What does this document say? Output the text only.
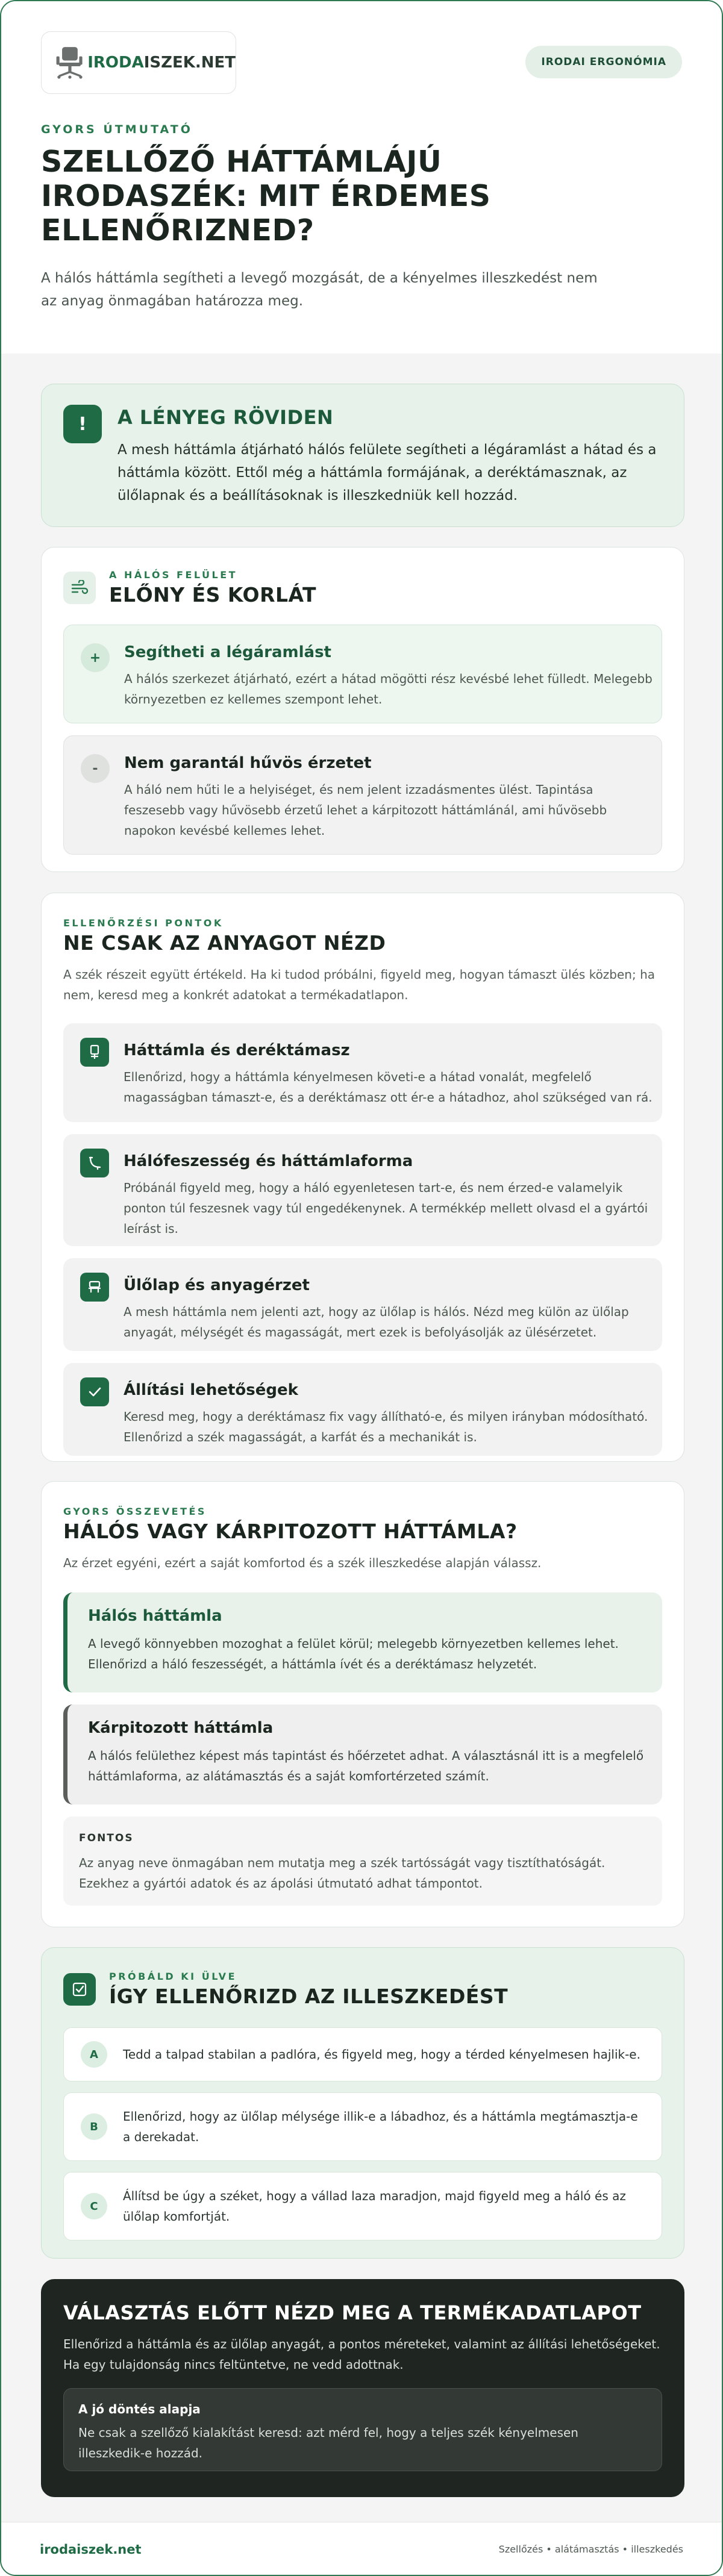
IRODAISZEK.NET	IRODAI ERGONÓMIA
GYORS ÚTMUTATÓ
SZELLŐZŐ HÁTTÁMLÁJÚ IRODASZÉK: MIT ÉRDEMES ELLENŐRIZNED?

A hálós háttámla segítheti a levegő mozgását, de a kényelmes illeszkedést nem az anyag önmagában határozza meg.

!	A LÉNYEG RÖVIDEN
A mesh háttámla átjárható hálós felülete segítheti a légáramlást a hátad és a háttámla között. Ettől még a háttámla formájának, a deréktámasznak, az ülőlapnak és a beállításoknak is illeszkedniük kell hozzád.
A HÁLÓS FELÜLET
ELŐNY ÉS KORLÁT
+	Segítheti a légáramlást
A hálós szerkezet átjárható, ezért a hátad mögötti rész kevésbé lehet fülledt. Melegebb környezetben ez kellemes szempont lehet.
-	Nem garantál hűvös érzetet
A háló nem hűti le a helyiséget, és nem jelent izzadásmentes ülést. Tapintása feszesebb vagy hűvösebb érzetű lehet a kárpitozott háttámlánál, ami hűvösebb napokon kevésbé kellemes lehet.
ELLENŐRZÉSI PONTOK
NE CSAK AZ ANYAGOT NÉZD
A szék részeit együtt értékeld. Ha ki tudod próbálni, figyeld meg, hogyan támaszt ülés közben; ha nem, keresd meg a konkrét adatokat a termékadatlapon.
Háttámla és deréktámasz
Ellenőrizd, hogy a háttámla kényelmesen követi-e a hátad vonalát, megfelelő magasságban támaszt-e, és a deréktámasz ott ér-e a hátadhoz, ahol szükséged van rá.
Hálófeszesség és háttámlaforma
Próbánál figyeld meg, hogy a háló egyenletesen tart-e, és nem érzed-e valamelyik ponton túl feszesnek vagy túl engedékenynek. A termékkép mellett olvasd el a gyártói leírást is.
Ülőlap és anyagérzet
A mesh háttámla nem jelenti azt, hogy az ülőlap is hálós. Nézd meg külön az ülőlap anyagát, mélységét és magasságát, mert ezek is befolyásolják az ülésérzetet.
Állítási lehetőségek
Keresd meg, hogy a deréktámasz fix vagy állítható-e, és milyen irányban módosítható. Ellenőrizd a szék magasságát, a karfát és a mechanikát is.
GYORS ÖSSZEVETÉS
HÁLÓS VAGY KÁRPITOZOTT HÁTTÁMLA?
Az érzet egyéni, ezért a saját komfortod és a szék illeszkedése alapján válassz.
Hálós háttámla
A levegő könnyebben mozoghat a felület körül; melegebb környezetben kellemes lehet. Ellenőrizd a háló feszességét, a háttámla ívét és a deréktámasz helyzetét.
Kárpitozott háttámla
A hálós felülethez képest más tapintást és hőérzetet adhat. A választásnál itt is a megfelelő háttámlaforma, az alátámasztás és a saját komfortérzeted számít.
FONTOS
Az anyag neve önmagában nem mutatja meg a szék tartósságát vagy tisztíthatóságát. Ezekhez a gyártói adatok és az ápolási útmutató adhat támpontot.
PRÓBÁLD KI ÜLVE
ÍGY ELLENŐRIZD AZ ILLESZKEDÉST
A	Tedd a talpad stabilan a padlóra, és figyeld meg, hogy a térded kényelmesen hajlik-e.
B
Ellenőrizd, hogy az ülőlap mélysége illik-e a lábadhoz, és a háttámla megtámasztja-e a derekadat.
C
Állítsd be úgy a széket, hogy a vállad laza maradjon, majd figyeld meg a háló és az ülőlap komfortját.
VÁLASZTÁS ELŐTT NÉZD MEG A TERMÉKADATLAPOT
Ellenőrizd a háttámla és az ülőlap anyagát, a pontos méreteket, valamint az állítási lehetőségeket. Ha egy tulajdonság nincs feltüntetve, ne vedd adottnak.
A jó döntés alapja
Ne csak a szellőző kialakítást keresd: azt mérd fel, hogy a teljes szék kényelmesen illeszkedik-e hozzád.
irodaiszek.net	Szellőzés • alátámasztás • illeszkedés
